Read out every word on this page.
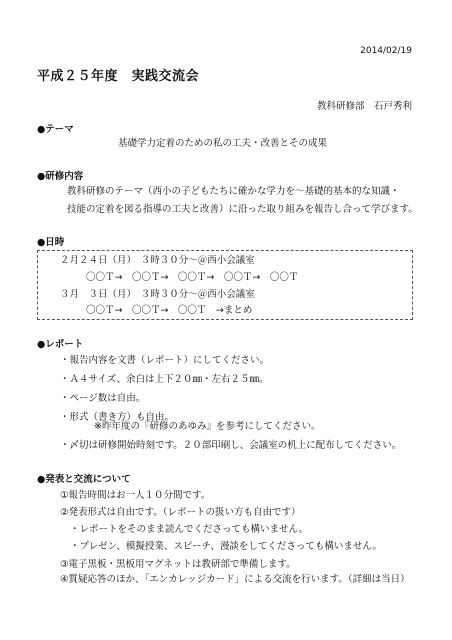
2014/02/19
平成２５年度　実践交流会
教科研修部　石戸秀利
●テーマ
基礎学力定着のための私の工夫・改善とその成果
●研修内容
教科研修のテーマ（西小の子どもたちに確かな学力を～基礎的基本的な知識・
技能の定着を図る指導の工夫と改善）に沿った取り組みを報告し合って学びます。
●日時
２月２４日（月）　３時３０分～＠西小会議室
〇〇Ｔ→　〇〇Ｔ→　〇〇Ｔ→　〇〇Ｔ→　〇〇Ｔ
３月　３日（月）　３時３０分～＠西小会議室
〇〇Ｔ→　〇〇Ｔ→　〇〇Ｔ　→まとめ
●レポート
・報告内容を文書（レポート）にしてください。
・Ａ４サイズ、余白は上下２０㎜・左右２５㎜。
・ページ数は自由。
・形式（書き方）も自由。
※昨年度の『研修のあゆみ』を参考にしてください。
・〆切は研修開始時刻です。２０部印刷し、会議室の机上に配布してください。
●発表と交流について
①報告時間はお一人１０分間です。
②発表形式は自由です。（レポートの扱い方も自由です）
・レポートをそのまま読んでくださっても構いません。
・プレゼン、模擬授業、スピーチ、漫談をしてくださっても構いません。
③電子黒板・黒板用マグネットは教研部で準備します。
④質疑応答のほか、「エンカレッジカード」による交流を行います。（詳細は当日）
